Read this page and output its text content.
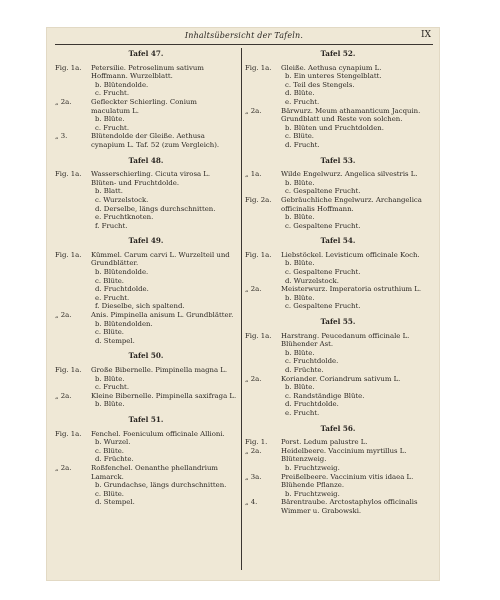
Inhaltsübersicht der Tafeln.	IX
Tafel 47.
Fig. 1a.	Petersilie. Petroselinum sativum Hoffmann. Wurzelblatt.
b. Blütendolde.
c. Frucht.
„ 2a.	Gefleckter Schierling. Conium maculatum L.
b. Blüte.
c. Frucht.
„ 3.	Blütendolde der Gleiße. Aethusa cynapium L. Taf. 52 (zum Vergleich).
Tafel 48.
Fig. 1a.	Wasserschierling. Cicuta virosa L. Blüten- und Fruchtdolde.
b. Blatt.
c. Wurzelstock.
d. Derselbe, längs durchschnitten.
e. Fruchtknoten.
f. Frucht.
Tafel 49.
Fig. 1a.	Kümmel. Carum carvi L. Wurzelteil und Grundblätter.
b. Blütendolde.
c. Blüte.
d. Fruchtdolde.
e. Frucht.
f. Dieselbe, sich spaltend.
„ 2a.	Anis. Pimpinella anisum L. Grundblätter.
b. Blütendolden.
c. Blüte.
d. Stempel.
Tafel 50.
Fig. 1a.	Große Bibernelle. Pimpinella magna L.
b. Blüte.
c. Frucht.
„ 2a.	Kleine Bibernelle. Pimpinella saxifraga L.
b. Blüte.
Tafel 51.
Fig. 1a.	Fenchel. Foeniculum officinale Allioni.
b. Wurzel.
c. Blüte.
d. Früchte.
„ 2a.	Roßfenchel. Oenanthe phellandrium Lamarck.
b. Grundachse, längs durchschnitten.
c. Blüte.
d. Stempel.
Tafel 52.
Fig. 1a.	Gleiße. Aethusa cynapium L.
b. Ein unteres Stengelblatt.
c. Teil des Stengels.
d. Blüte.
e. Frucht.
„ 2a.	Bärwurz. Meum athamanticum Jacquin. Grundblatt und Reste von solchen.
b. Blüten und Fruchtdolden.
c. Blüte.
d. Frucht.
Tafel 53.
„ 1a.	Wilde Engelwurz. Angelica silvestris L.
b. Blüte.
c. Gespaltene Frucht.
Fig. 2a.	Gebräuchliche Engelwurz. Archangelica officinalis Hoffmann.
b. Blüte.
c. Gespaltene Frucht.
Tafel 54.
Fig. 1a.	Liebstöckel. Levisticum officinale Koch.
b. Blüte.
c. Gespaltene Frucht.
d. Wurzelstock.
„ 2a.	Meisterwurz. Imperatoria ostruthium L.
b. Blüte.
c. Gespaltene Frucht.
Tafel 55.
Fig. 1a.	Harstrang. Peucedanum officinale L. Blühender Ast.
b. Blüte.
c. Fruchtdolde.
d. Früchte.
„ 2a.	Koriander. Coriandrum sativum L.
b. Blüte.
c. Randständige Blüte.
d. Fruchtdolde.
e. Frucht.
Tafel 56.
Fig. 1.	Porst. Ledum palustre L.
„ 2a.	Heidelbeere. Vaccinium myrtillus L. Blütenzweig.
b. Fruchtzweig.
„ 3a.	Preißelbeere. Vaccinium vitis idaea L. Blühende Pflanze.
b. Fruchtzweig.
„ 4.	Bärentraube. Arctostaphylos officinalis Wimmer u. Grabowski.
